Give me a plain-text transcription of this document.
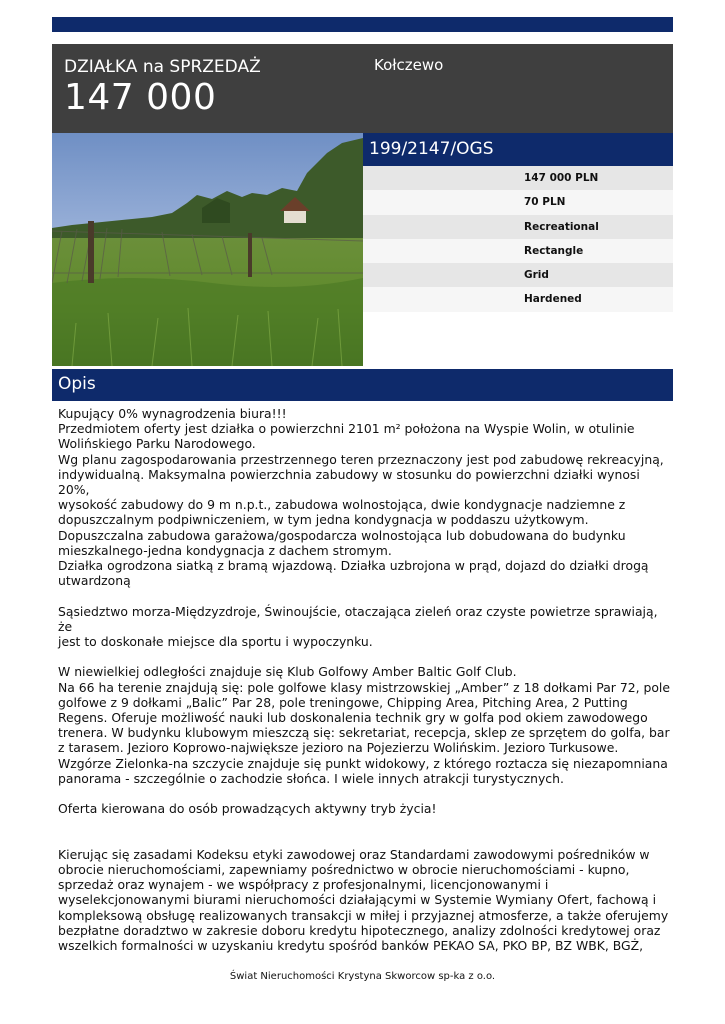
DZIAŁKA na SPRZEDAŻ
147 000
Kołczewo
199/2147/OGS
147 000 PLN
70 PLN
Recreational
Rectangle
Grid
Hardened
Opis

Kupujący 0% wynagrodzenia biura!!!
Przedmiotem oferty jest działka o powierzchni 2101 m² położona na Wyspie Wolin, w otulinie
Wolińskiego Parku Narodowego.
Wg planu zagospodarowania przestrzennego teren przeznaczony jest pod zabudowę rekreacyjną,
indywidualną. Maksymalna powierzchnia zabudowy w stosunku do powierzchni działki wynosi 20%,
wysokość zabudowy do 9 m n.p.t., zabudowa wolnostojąca, dwie kondygnacje nadziemne z
dopuszczalnym podpiwniczeniem, w tym jedna kondygnacja w poddaszu użytkowym.
Dopuszczalna zabudowa garażowa/gospodarcza wolnostojąca lub dobudowana do budynku
mieszkalnego-jedna kondygnacja z dachem stromym.
Działka ogrodzona siatką z bramą wjazdową. Działka uzbrojona w prąd, dojazd do działki drogą
utwardzoną

Sąsiedztwo morza-Międzyzdroje, Świnoujście, otaczająca zieleń oraz czyste powietrze sprawiają, że
jest to doskonałe miejsce dla sportu i wypoczynku.

W niewielkiej odległości znajduje się Klub Golfowy Amber Baltic Golf Club.
Na 66 ha terenie znajdują się: pole golfowe klasy mistrzowskiej „Amber” z 18 dołkami Par 72, pole
golfowe z 9 dołkami „Balic” Par 28, pole treningowe, Chipping Area, Pitching Area, 2 Putting
Regens. Oferuje możliwość nauki lub doskonalenia technik gry w golfa pod okiem zawodowego
trenera. W budynku klubowym mieszczą się: sekretariat, recepcja, sklep ze sprzętem do golfa, bar
z tarasem. Jezioro Koprowo-największe jezioro na Pojezierzu Wolińskim. Jezioro Turkusowe.
Wzgórze Zielonka-na szczycie znajduje się punkt widokowy, z którego roztacza się niezapomniana
panorama - szczególnie o zachodzie słońca. I wiele innych atrakcji turystycznych.

Oferta kierowana do osób prowadzących aktywny tryb życia!

Kierując się zasadami Kodeksu etyki zawodowej oraz Standardami zawodowymi pośredników w
obrocie nieruchomościami, zapewniamy pośrednictwo w obrocie nieruchomościami - kupno,
sprzedaż oraz wynajem - we współpracy z profesjonalnymi, licencjonowanymi i
wyselekcjonowanymi biurami nieruchomości działającymi w Systemie Wymiany Ofert, fachową i
kompleksową obsługę realizowanych transakcji w miłej i przyjaznej atmosferze, a także oferujemy
bezpłatne doradztwo w zakresie doboru kredytu hipotecznego, analizy zdolności kredytowej oraz
wszelkich formalności w uzyskaniu kredytu spośród banków PEKAO SA, PKO BP, BZ WBK, BGŻ,

Świat Nieruchomości Krystyna Skworcow sp-ka z o.o.
